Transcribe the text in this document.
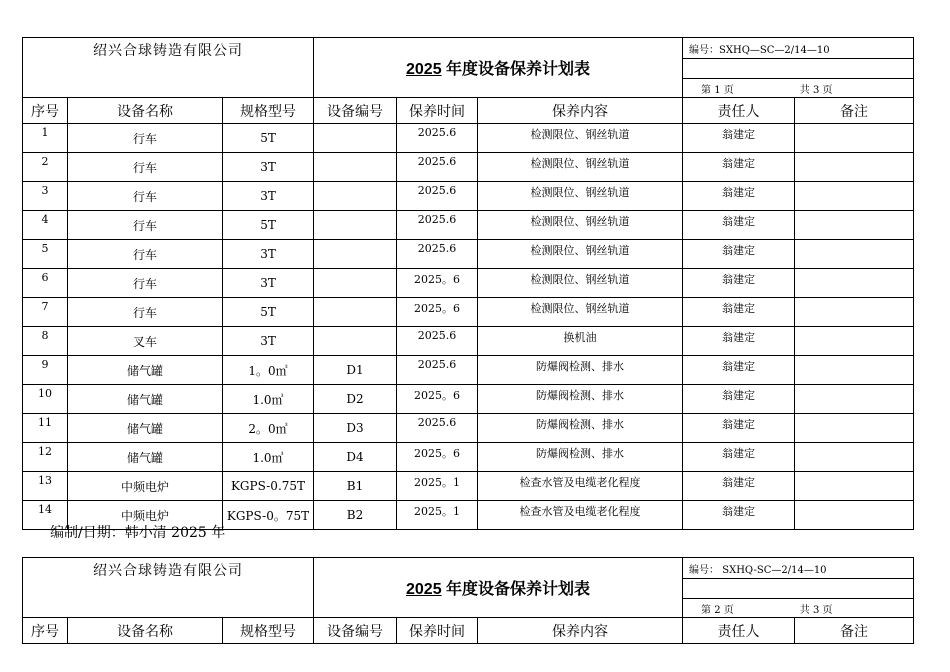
绍兴合球铸造有限公司			2025 年度设备保养计划表			编号：SXHQ—SC—2/14—10	

						第 1 页 共 3 页	
序号	设备名称	规格型号	设备编号	保养时间	保养内容	责任人	备注
1	行车	5T		2025.6	检测限位、钢丝轨道	翁建定	
2	行车	3T		2025.6	检测限位、钢丝轨道	翁建定	
3	行车	3T		2025.6	检测限位、钢丝轨道	翁建定	
4	行车	5T		2025.6	检测限位、钢丝轨道	翁建定	
5	行车	3T		2025.6	检测限位、钢丝轨道	翁建定	
6	行车	3T		2025。6	检测限位、钢丝轨道	翁建定	
7	行车	5T		2025。6	检测限位、钢丝轨道	翁建定	
8	叉车	3T		2025.6	换机油	翁建定	
9	储气罐	1。0㎥	D1	2025.6	防爆阀检测、排水	翁建定	
10	储气罐	1.0㎥	D2	2025。6	防爆阀检测、排水	翁建定	
11	储气罐	2。0㎥	D3	2025.6	防爆阀检测、排水	翁建定	
12	储气罐	1.0㎥	D4	2025。6	防爆阀检测、排水	翁建定	
13	中频电炉	KGPS-0.75T	B1	2025。1	检查水管及电缆老化程度	翁建定	
14	中频电炉	KGPS-0。75T	B2	2025。1	检查水管及电缆老化程度	翁建定	
编制/日期：韩小清 2025 年
绍兴合球铸造有限公司			2025 年度设备保养计划表			编号： SXHQ-SC—2/14—10	

						第 2 页 共 3 页	
序号	设备名称	规格型号	设备编号	保养时间	保养内容	责任人	备注
